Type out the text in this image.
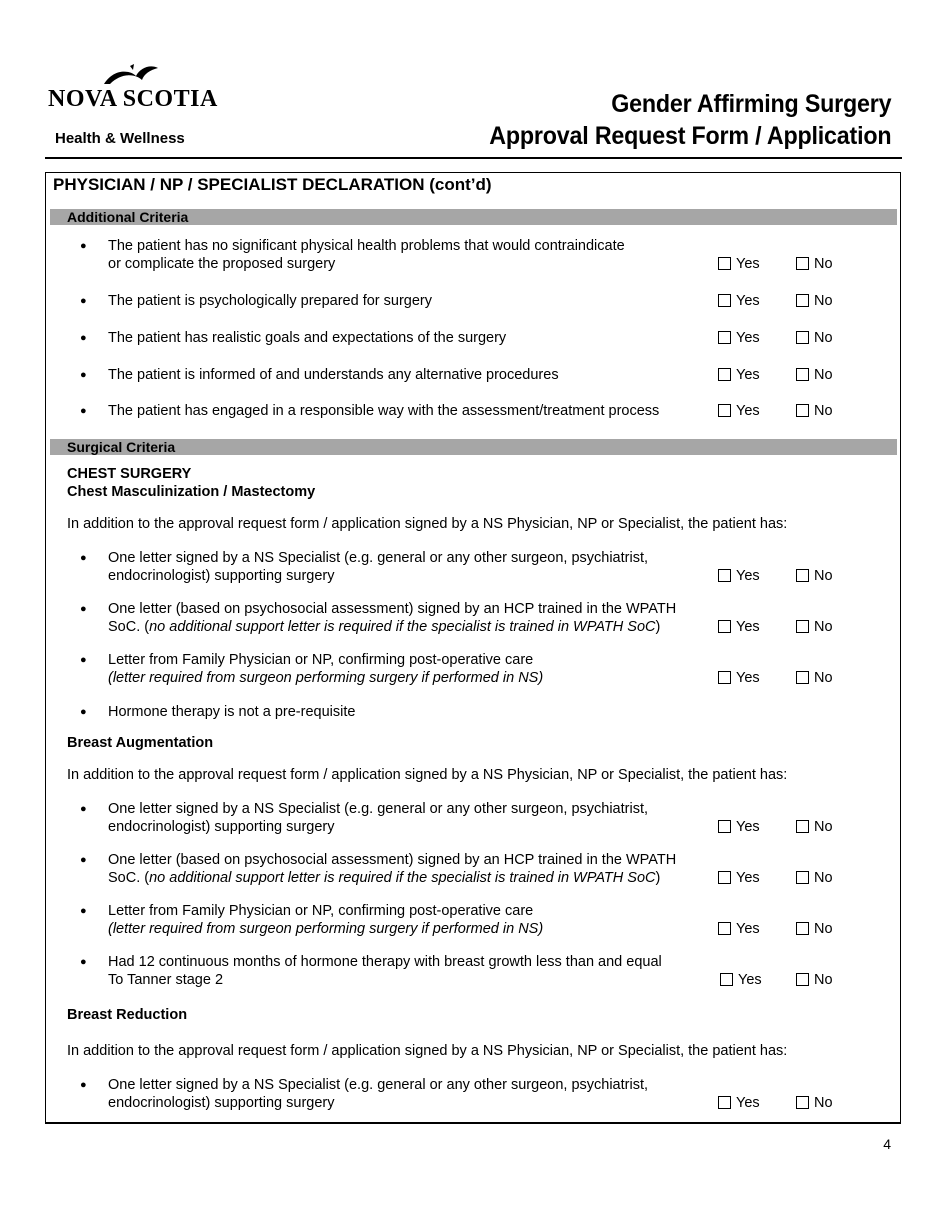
NOVA SCOTIA
Health & Wellness
Gender Affirming Surgery
Approval Request Form / Application
PHYSICIAN / NP / SPECIALIST DECLARATION (cont’d)
Additional Criteria
● The patient has no significant physical health problems that would contraindicate
or complicate the proposed surgery	Yes	No
● The patient is psychologically prepared for surgery	Yes	No
● The patient has realistic goals and expectations of the surgery	Yes	No
● The patient is informed of and understands any alternative procedures	Yes	No
● The patient has engaged in a responsible way with the assessment/treatment process	Yes	No
Surgical Criteria
CHEST SURGERY
Chest Masculinization / Mastectomy
In addition to the approval request form / application signed by a NS Physician, NP or Specialist, the patient has:
● One letter signed by a NS Specialist (e.g. general or any other surgeon, psychiatrist,
endocrinologist) supporting surgery	Yes	No
● One letter (based on psychosocial assessment) signed by an HCP trained in the WPATH
SoC. (no additional support letter is required if the specialist is trained in WPATH SoC)	Yes	No
● Letter from Family Physician or NP, confirming post-operative care
(letter required from surgeon performing surgery if performed in NS)	Yes	No
● Hormone therapy is not a pre-requisite
Breast Augmentation
In addition to the approval request form / application signed by a NS Physician, NP or Specialist, the patient has:
● One letter signed by a NS Specialist (e.g. general or any other surgeon, psychiatrist,
endocrinologist) supporting surgery	Yes	No
● One letter (based on psychosocial assessment) signed by an HCP trained in the WPATH
SoC. (no additional support letter is required if the specialist is trained in WPATH SoC)	Yes	No
● Letter from Family Physician or NP, confirming post-operative care
(letter required from surgeon performing surgery if performed in NS)	Yes	No
● Had 12 continuous months of hormone therapy with breast growth less than and equal
To Tanner stage 2	Yes	No
Breast Reduction
In addition to the approval request form / application signed by a NS Physician, NP or Specialist, the patient has:
● One letter signed by a NS Specialist (e.g. general or any other surgeon, psychiatrist,
endocrinologist) supporting surgery	Yes	No
4
